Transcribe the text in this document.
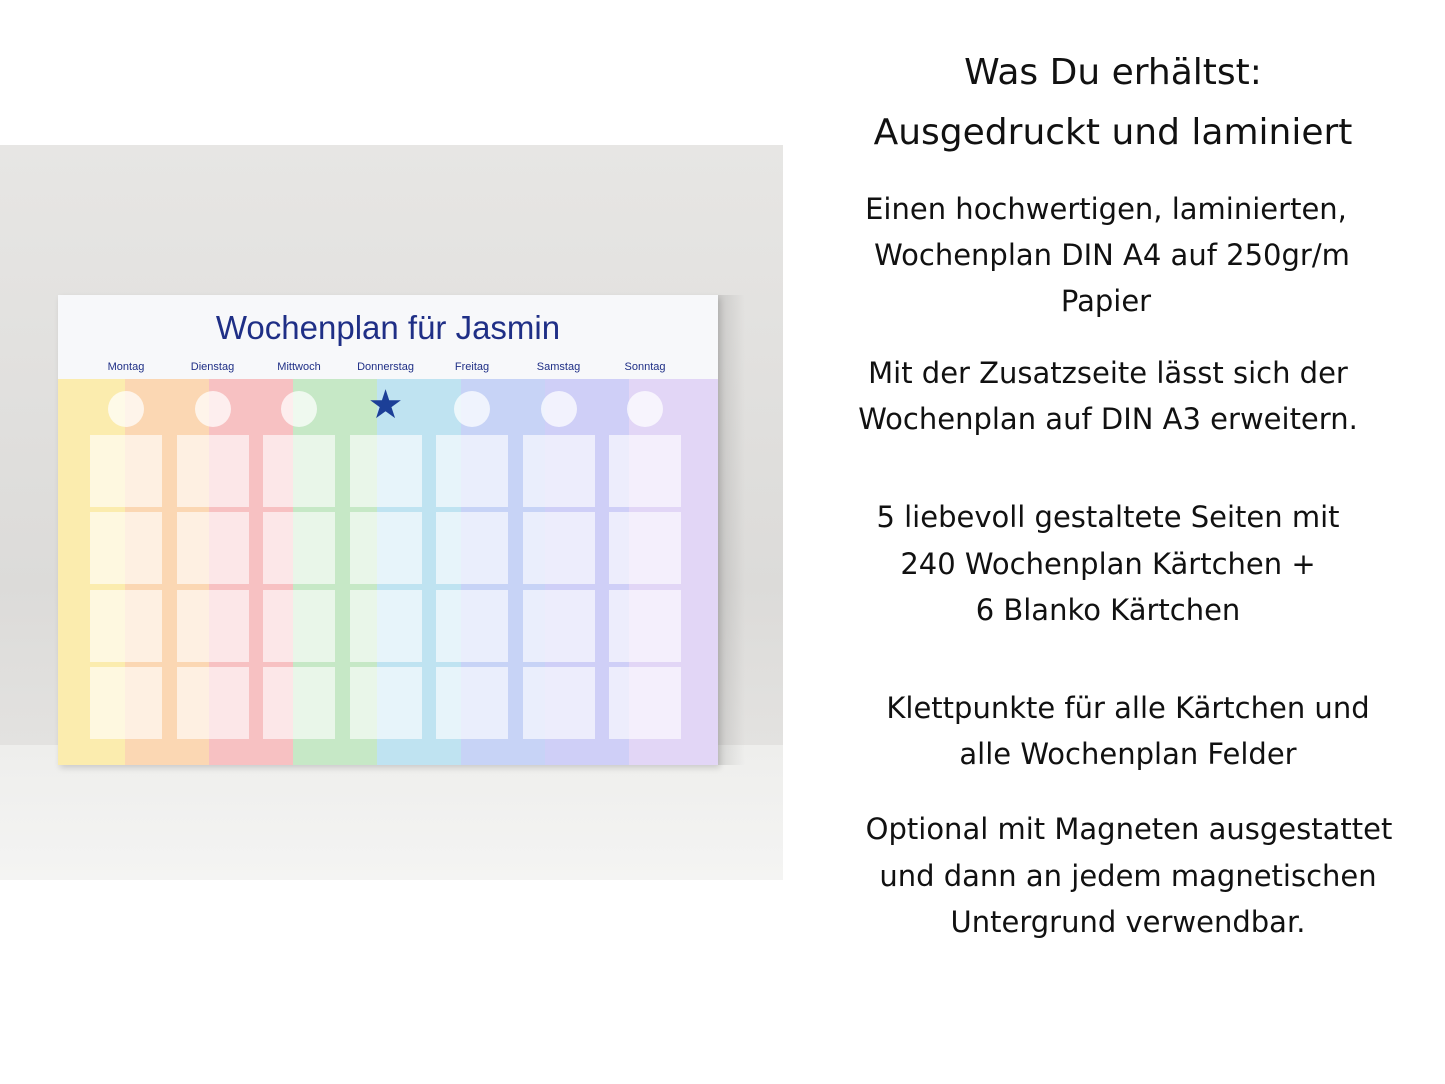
Wochenplan für Jasmin
Montag	Dienstag	Mittwoch	Donnerstag	Freitag	Samstag	Sonntag
★
Was Du erhältst:
Ausgedruckt und laminiert
Einen hochwertigen, laminierten,
Wochenplan DIN A4 auf 250gr/m
Papier
Mit der Zusatzseite lässt sich der
Wochenplan auf DIN A3 erweitern.
5 liebevoll gestaltete Seiten mit
240 Wochenplan Kärtchen +
6 Blanko Kärtchen
Klettpunkte für alle Kärtchen und
alle Wochenplan Felder
Optional mit Magneten ausgestattet
und dann an jedem magnetischen
Untergrund verwendbar.
